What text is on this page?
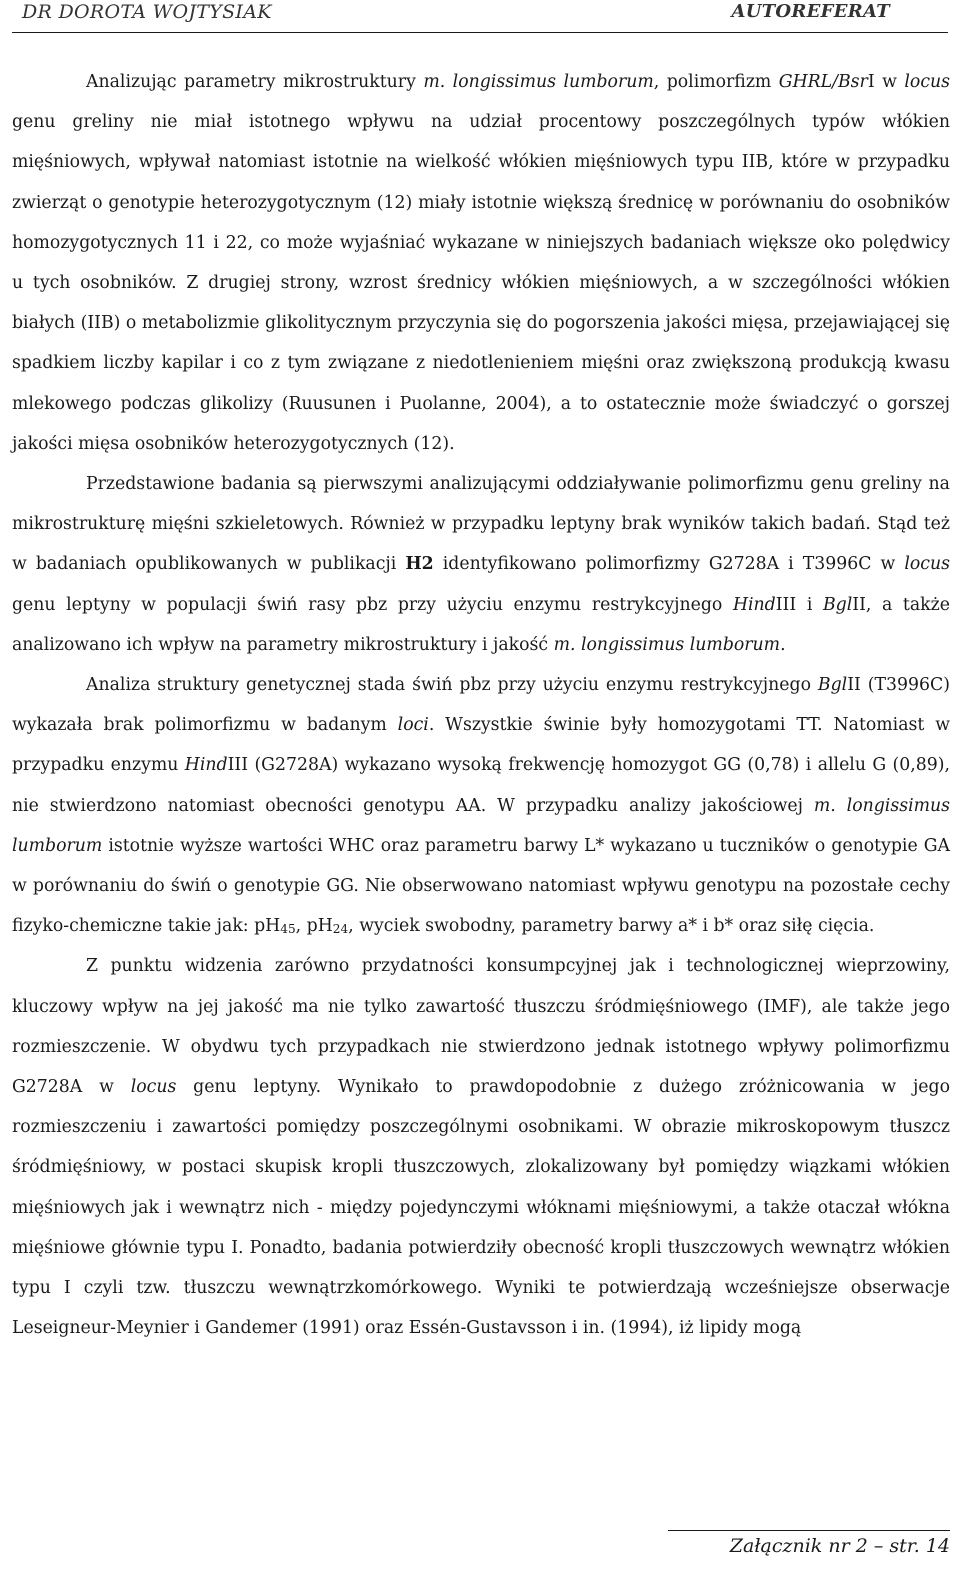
DR DOROTA WOJTYSIAK	AUTOREFERAT

Analizując parametry mikrostruktury m. longissimus lumborum, polimorfizm GHRL/BsrI w locus genu greliny nie miał istotnego wpływu na udział procentowy poszczególnych typów włókien mięśniowych, wpływał natomiast istotnie na wielkość włókien mięśniowych typu IIB, które w przypadku zwierząt o genotypie heterozygotycznym (12) miały istotnie większą średnicę w porównaniu do osobników homozygotycznych 11 i 22, co może wyjaśniać wykazane w niniejszych badaniach większe oko polędwicy u tych osobników. Z drugiej strony, wzrost średnicy włókien mięśniowych, a w szczególności włókien białych (IIB) o metabolizmie glikolitycznym przyczynia się do pogorszenia jakości mięsa, przejawiającej się spadkiem liczby kapilar i co z tym związane z niedotlenieniem mięśni oraz zwiększoną produkcją kwasu mlekowego podczas glikolizy (Ruusunen i Puolanne, 2004), a to ostatecznie może świadczyć o gorszej jakości mięsa osobników heterozygotycznych (12).

Przedstawione badania są pierwszymi analizującymi oddziaływanie polimorfizmu genu greliny na mikrostrukturę mięśni szkieletowych. Również w przypadku leptyny brak wyników takich badań. Stąd też w badaniach opublikowanych w publikacji H2 identyfikowano polimorfizmy G2728A i T3996C w locus genu leptyny w populacji świń rasy pbz przy użyciu enzymu restrykcyjnego HindIII i BglII, a także analizowano ich wpływ na parametry mikrostruktury i jakość m. longissimus lumborum.

Analiza struktury genetycznej stada świń pbz przy użyciu enzymu restrykcyjnego BglII (T3996C) wykazała brak polimorfizmu w badanym loci. Wszystkie świnie były homozygotami TT. Natomiast w przypadku enzymu HindIII (G2728A) wykazano wysoką frekwencję homozygot GG (0,78) i allelu G (0,89), nie stwierdzono natomiast obecności genotypu AA. W przypadku analizy jakościowej m. longissimus lumborum istotnie wyższe wartości WHC oraz parametru barwy L* wykazano u tuczników o genotypie GA w porównaniu do świń o genotypie GG. Nie obserwowano natomiast wpływu genotypu na pozostałe cechy fizyko-chemiczne takie jak: $pH_{45}$, $pH_{24}$, wyciek swobodny, parametry barwy a* i b* oraz siłę cięcia.

Z punktu widzenia zarówno przydatności konsumpcyjnej jak i technologicznej wieprzowiny, kluczowy wpływ na jej jakość ma nie tylko zawartość tłuszczu śródmięśniowego (IMF), ale także jego rozmieszczenie. W obydwu tych przypadkach nie stwierdzono jednak istotnego wpływy polimorfizmu G2728A w locus genu leptyny. Wynikało to prawdopodobnie z dużego zróżnicowania w jego rozmieszczeniu i zawartości pomiędzy poszczególnymi osobnikami. W obrazie mikroskopowym tłuszcz śródmięśniowy, w postaci skupisk kropli tłuszczowych, zlokalizowany był pomiędzy wiązkami włókien mięśniowych jak i wewnątrz nich - między pojedynczymi włóknami mięśniowymi, a także otaczał włókna mięśniowe głównie typu I. Ponadto, badania potwierdziły obecność kropli tłuszczowych wewnątrz włókien typu I czyli tzw. tłuszczu wewnątrzkomórkowego. Wyniki te potwierdzają wcześniejsze obserwacje Leseigneur-Meynier i Gandemer (1991) oraz Essén-Gustavsson i in. (1994), iż lipidy mogą

Załącznik nr 2 – str. 14
